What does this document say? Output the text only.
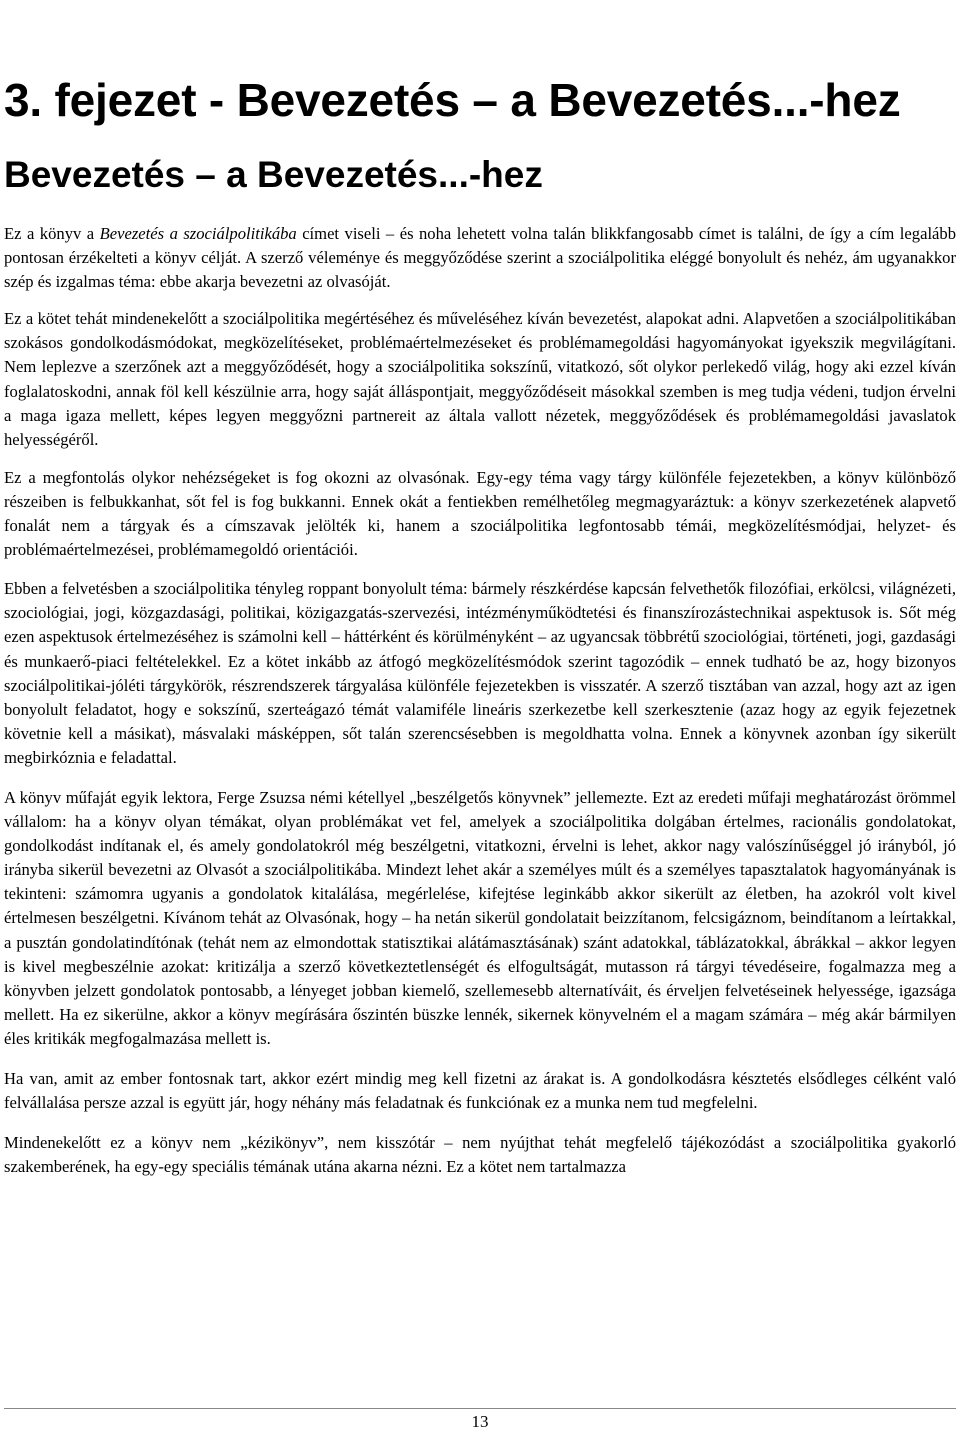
3. fejezet - Bevezetés – a Bevezetés...-hez
Bevezetés – a Bevezetés...-hez

Ez a könyv a Bevezetés a szociálpolitikába címet viseli – és noha lehetett volna talán blikkfangosabb címet is találni, de így a cím legalább pontosan érzékelteti a könyv célját. A szerző véleménye és meggyőződése szerint a szociálpolitika eléggé bonyolult és nehéz, ám ugyanakkor szép és izgalmas téma: ebbe akarja bevezetni az olvasóját.

Ez a kötet tehát mindenekelőtt a szociálpolitika megértéséhez és műveléséhez kíván bevezetést, alapokat adni. Alapvetően a szociálpolitikában szokásos gondolkodásmódokat, megközelítéseket, problémaértelmezéseket és problémamegoldási hagyományokat igyekszik megvilágítani. Nem leplezve a szerzőnek azt a meggyőződését, hogy a szociálpolitika sokszínű, vitatkozó, sőt olykor perlekedő világ, hogy aki ezzel kíván foglalatoskodni, annak föl kell készülnie arra, hogy saját álláspontjait, meggyőződéseit másokkal szemben is meg tudja védeni, tudjon érvelni a maga igaza mellett, képes legyen meggyőzni partnereit az általa vallott nézetek, meggyőződések és problémamegoldási javaslatok helyességéről.

Ez a megfontolás olykor nehézségeket is fog okozni az olvasónak. Egy-egy téma vagy tárgy különféle fejezetekben, a könyv különböző részeiben is felbukkanhat, sőt fel is fog bukkanni. Ennek okát a fentiekben remélhetőleg megmagyaráztuk: a könyv szerkezetének alapvető fonalát nem a tárgyak és a címszavak jelölték ki, hanem a szociálpolitika legfontosabb témái, megközelítésmódjai, helyzet- és problémaértelmezései, problémamegoldó orientációi.

Ebben a felvetésben a szociálpolitika tényleg roppant bonyolult téma: bármely részkérdése kapcsán felvethetők filozófiai, erkölcsi, világnézeti, szociológiai, jogi, közgazdasági, politikai, közigazgatás-szervezési, intézményműködtetési és finanszírozástechnikai aspektusok is. Sőt még ezen aspektusok értelmezéséhez is számolni kell – háttérként és körülményként – az ugyancsak többrétű szociológiai, történeti, jogi, gazdasági és munkaerő-piaci feltételekkel. Ez a kötet inkább az átfogó megközelítésmódok szerint tagozódik – ennek tudható be az, hogy bizonyos szociálpolitikai-jóléti tárgykörök, részrendszerek tárgyalása különféle fejezetekben is visszatér. A szerző tisztában van azzal, hogy azt az igen bonyolult feladatot, hogy e sokszínű, szerteágazó témát valamiféle lineáris szerkezetbe kell szerkesztenie (azaz hogy az egyik fejezetnek követnie kell a másikat), másvalaki másképpen, sőt talán szerencsésebben is megoldhatta volna. Ennek a könyvnek azonban így sikerült megbirkóznia e feladattal.

A könyv műfaját egyik lektora, Ferge Zsuzsa némi kétellyel „beszélgetős könyvnek” jellemezte. Ezt az eredeti műfaji meghatározást örömmel vállalom: ha a könyv olyan témákat, olyan problémákat vet fel, amelyek a szociálpolitika dolgában értelmes, racionális gondolatokat, gondolkodást indítanak el, és amely gondolatokról még beszélgetni, vitatkozni, érvelni is lehet, akkor nagy valószínűséggel jó irányból, jó irányba sikerül bevezetni az Olvasót a szociálpolitikába. Mindezt lehet akár a személyes múlt és a személyes tapasztalatok hagyományának is tekinteni: számomra ugyanis a gondolatok kitalálása, megérlelése, kifejtése leginkább akkor sikerült az életben, ha azokról volt kivel értelmesen beszélgetni. Kívánom tehát az Olvasónak, hogy – ha netán sikerül gondolatait beizzítanom, felcsigáznom, beindítanom a leírtakkal, a pusztán gondolatindítónak (tehát nem az elmondottak statisztikai alátámasztásának) szánt adatokkal, táblázatokkal, ábrákkal – akkor legyen is kivel megbeszélnie azokat: kritizálja a szerző következtetlenségét és elfogultságát, mutasson rá tárgyi tévedéseire, fogalmazza meg a könyvben jelzett gondolatok pontosabb, a lényeget jobban kiemelő, szellemesebb alternatíváit, és érveljen felvetéseinek helyessége, igazsága mellett. Ha ez sikerülne, akkor a könyv megírására őszintén büszke lennék, sikernek könyvelném el a magam számára – még akár bármilyen éles kritikák megfogalmazása mellett is.

Ha van, amit az ember fontosnak tart, akkor ezért mindig meg kell fizetni az árakat is. A gondolkodásra késztetés elsődleges célként való felvállalása persze azzal is együtt jár, hogy néhány más feladatnak és funkciónak ez a munka nem tud megfelelni.

Mindenekelőtt ez a könyv nem „kézikönyv”, nem kisszótár – nem nyújthat tehát megfelelő tájékozódást a szociálpolitika gyakorló szakemberének, ha egy-egy speciális témának utána akarna nézni. Ez a kötet nem tartalmazza

13
